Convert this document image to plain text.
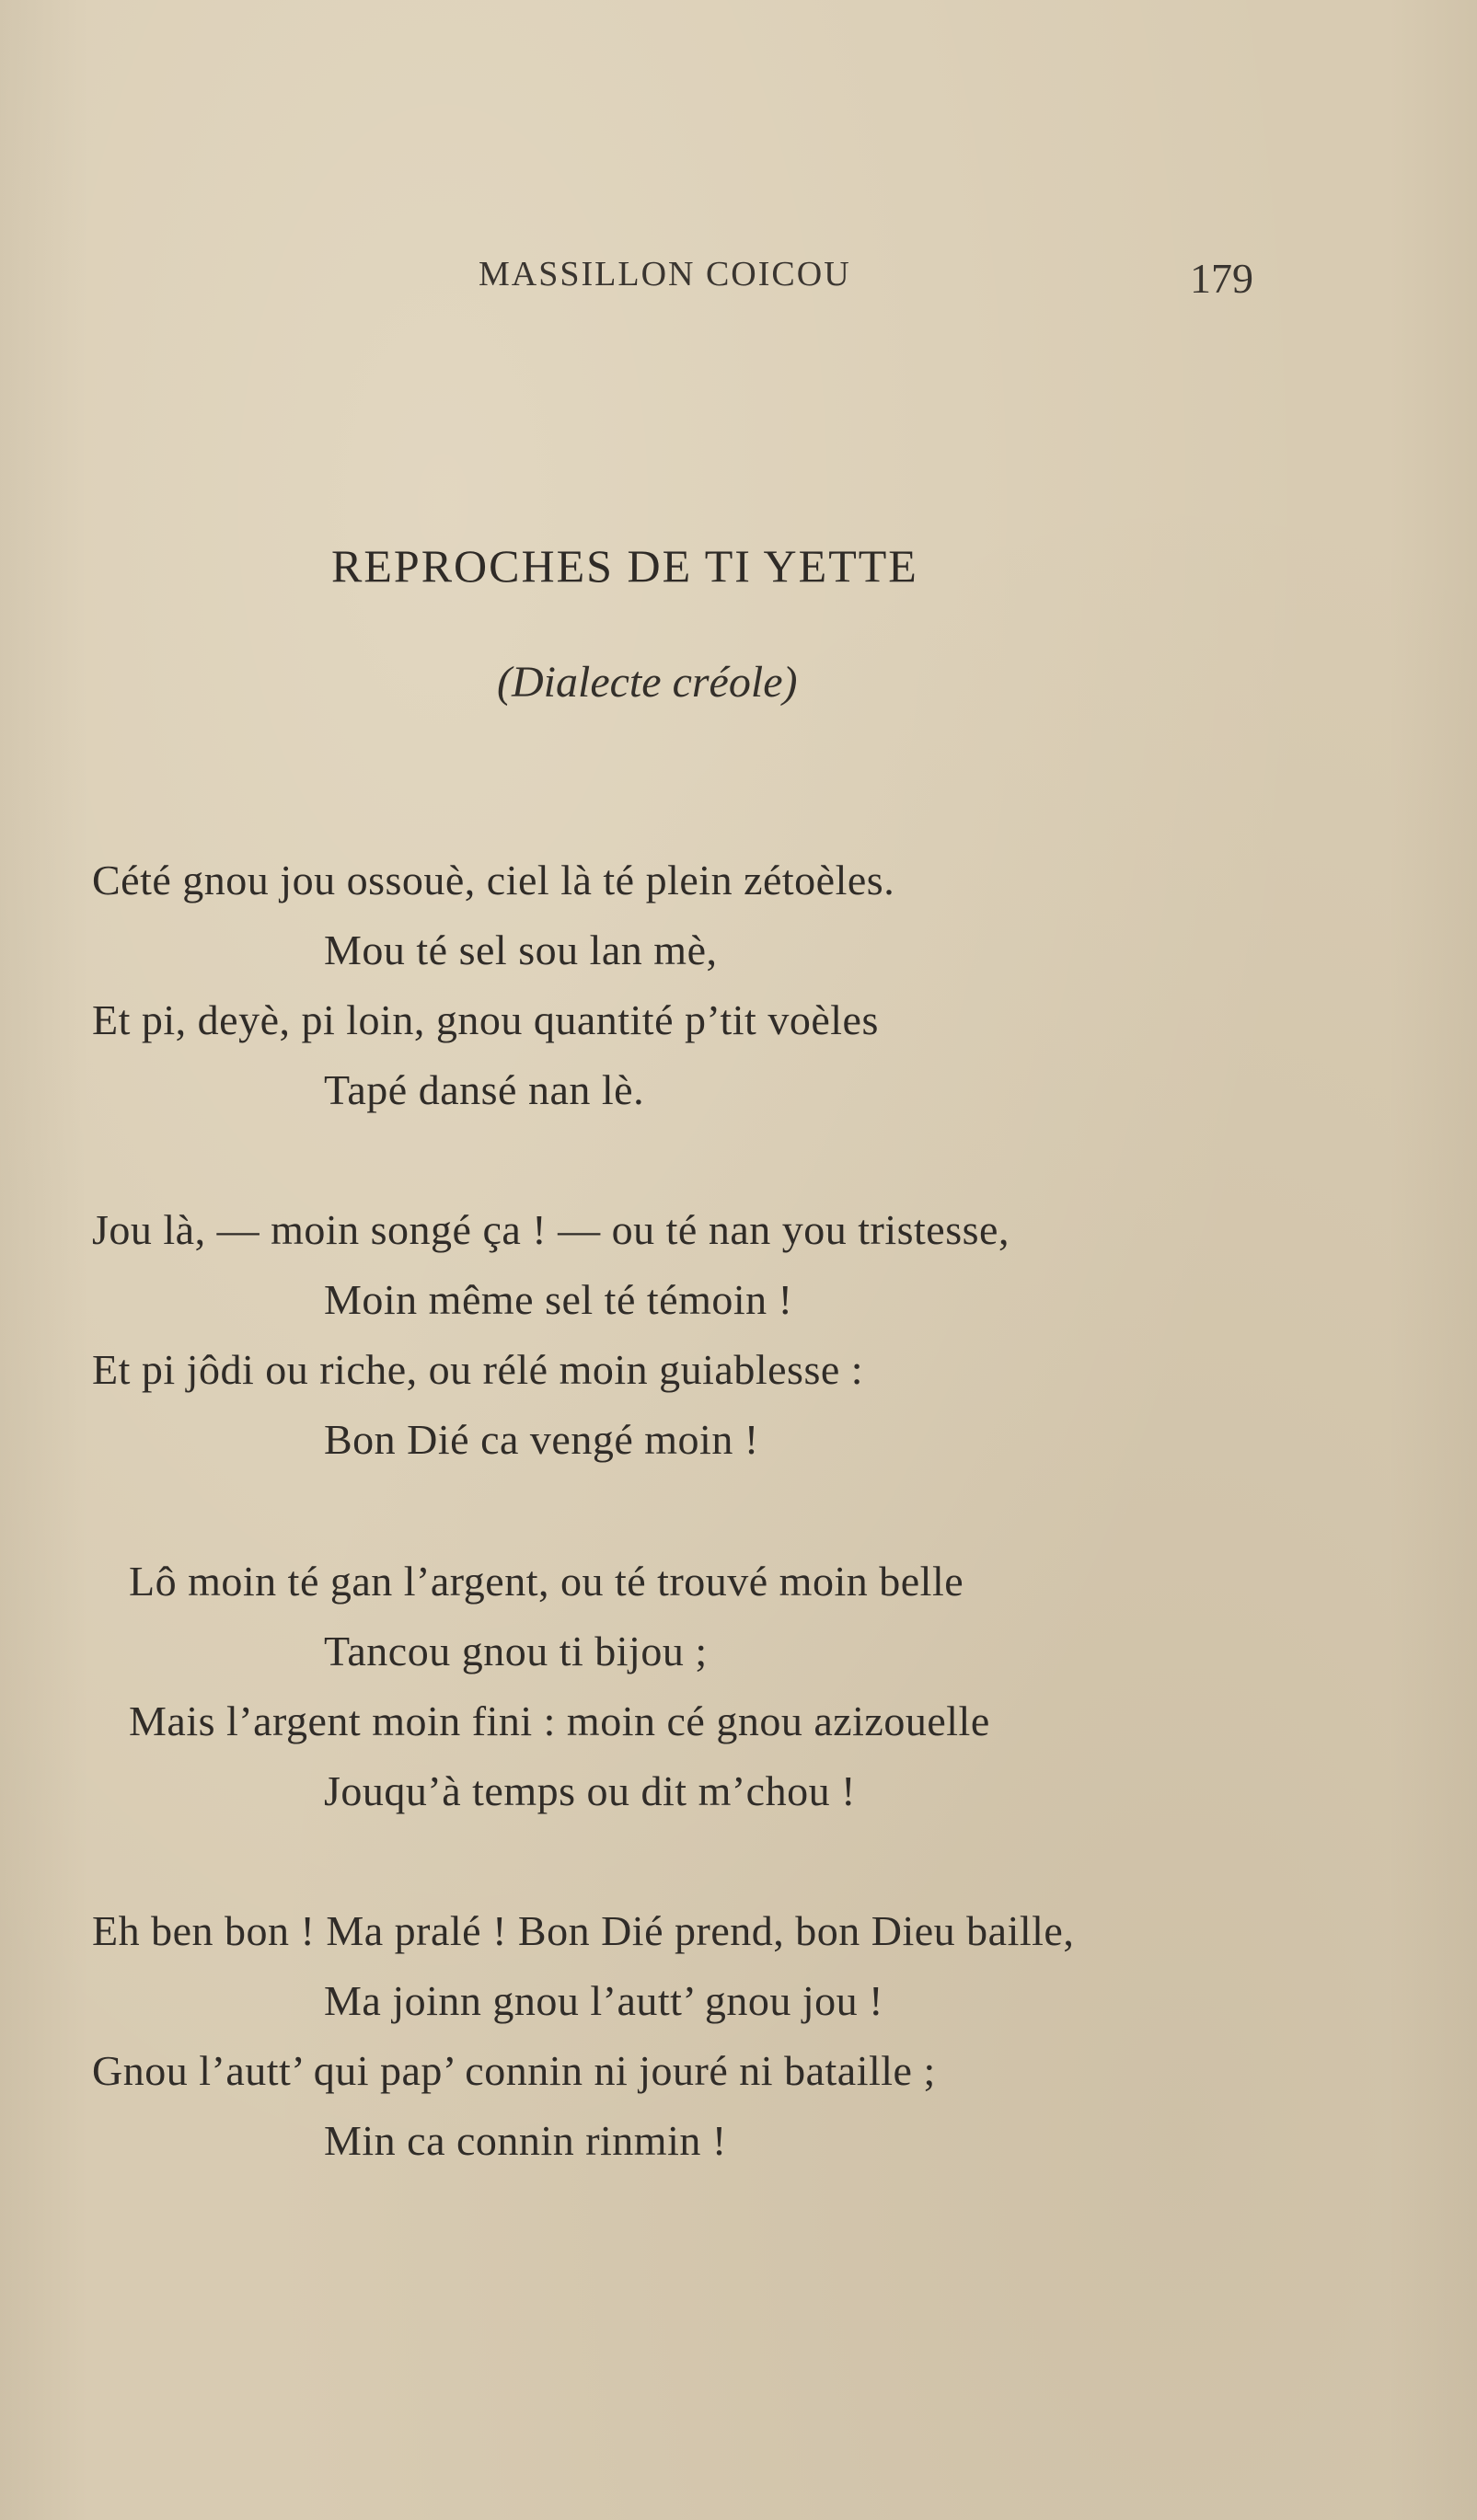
MASSILLON COICOU	179
REPROCHES DE TI YETTE
(Dialecte créole)
Cété gnou jou ossouè, ciel là té plein zétoèles.
Mou té sel sou lan mè,
Et pi, deyè, pi loin, gnou quantité p’tit voèles
Tapé dansé nan lè.
Jou là, — moin songé ça ! — ou té nan you tristesse,
Moin même sel té témoin !
Et pi jôdi ou riche, ou rélé moin guiablesse :
Bon Dié ca vengé moin !
Lô moin té gan l’argent, ou té trouvé moin belle
Tancou gnou ti bijou ;
Mais l’argent moin fini : moin cé gnou azizouelle
Jouqu’à temps ou dit m’chou !
Eh ben bon ! Ma pralé ! Bon Dié prend, bon Dieu baille,
Ma joinn gnou l’autt’ gnou jou !
Gnou l’autt’ qui pap’ connin ni jouré ni bataille ;
Min ca connin rinmin !
